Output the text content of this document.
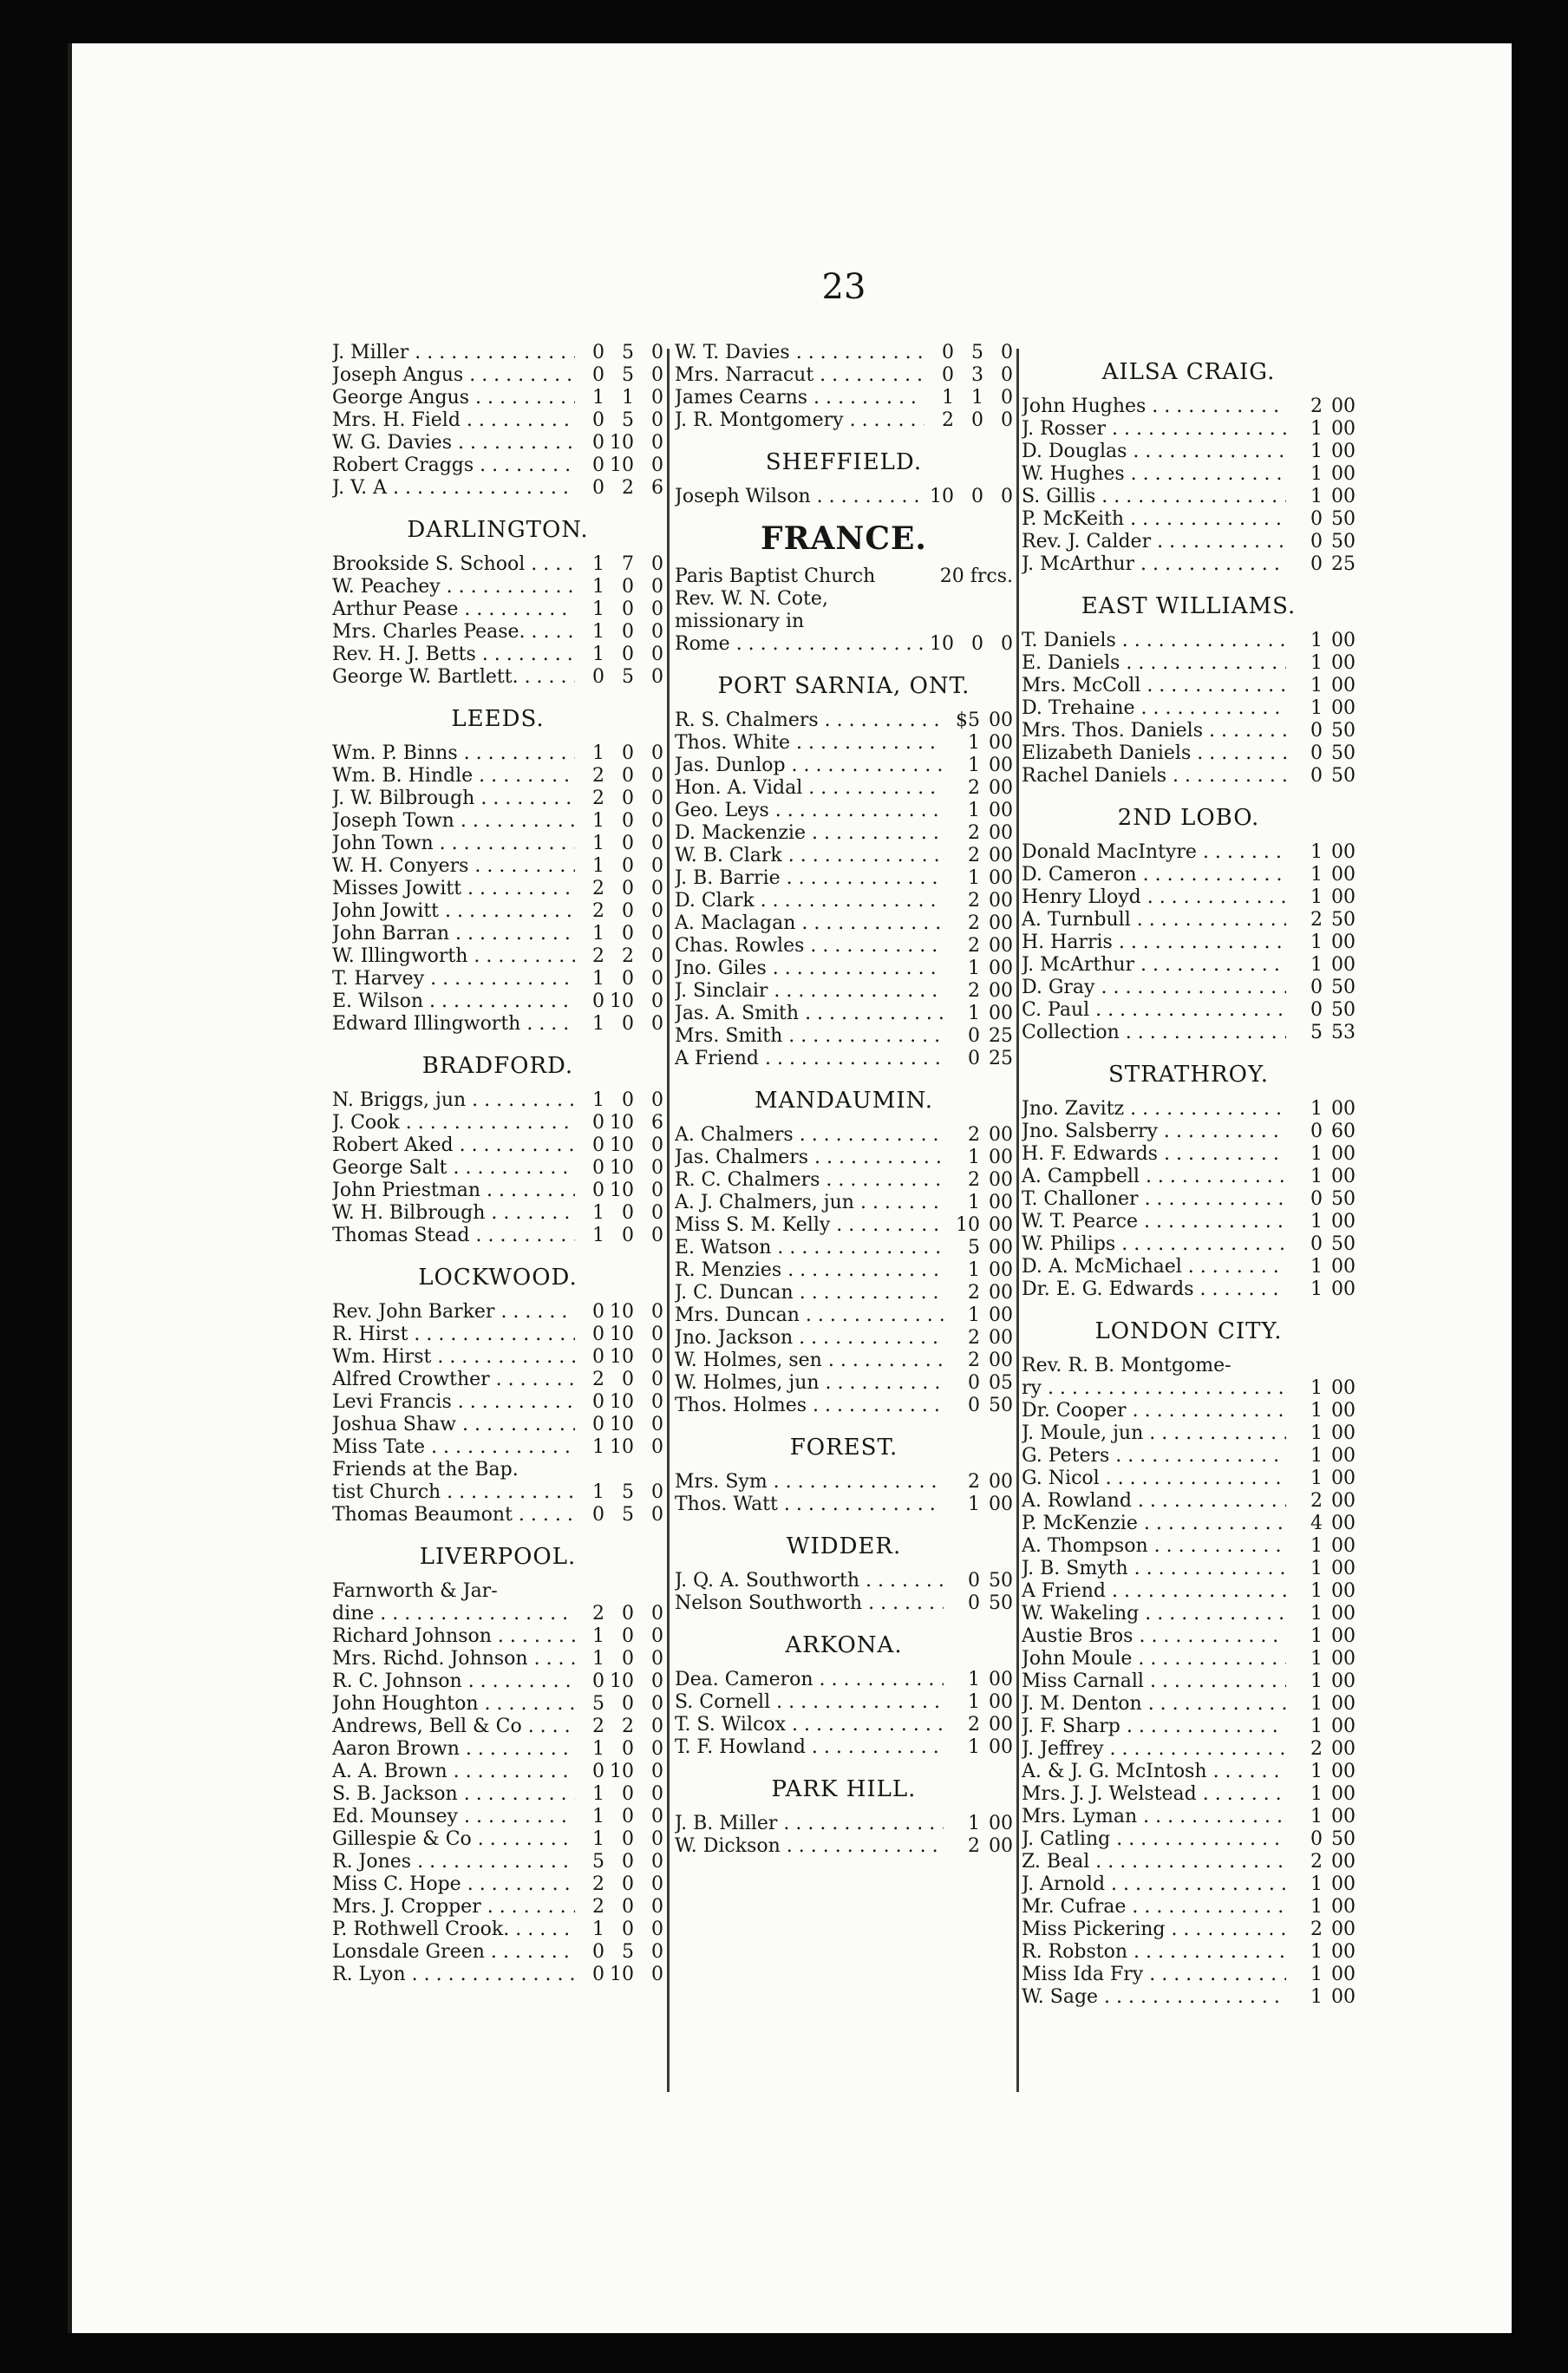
23
J. Miller . . .	0 5 0
Joseph Angus . . .	0 5 0
George Angus . . .	1 1 0
Mrs. H. Field . . .	0 5 0
W. G. Davies . . .	0 10 0
Robert Craggs . . .	0 10 0
J. V. A . . .	0 2 6
DARLINGTON.
Brookside S. School . . .	1 7 0
W. Peachey . . .	1 0 0
Arthur Pease . . .	1 0 0
Mrs. Charles Pease. . . .	1 0 0
Rev. H. J. Betts . . .	1 0 0
George W. Bartlett. . . .	0 5 0
LEEDS.
Wm. P. Binns . . .	1 0 0
Wm. B. Hindle . . .	2 0 0
J. W. Bilbrough . . .	2 0 0
Joseph Town . . .	1 0 0
John Town . . .	1 0 0
W. H. Conyers . . .	1 0 0
Misses Jowitt . . .	2 0 0
John Jowitt . . .	2 0 0
John Barran . . .	1 0 0
W. Illingworth . . .	2 2 0
T. Harvey . . .	1 0 0
E. Wilson . . .	0 10 0
Edward Illingworth . . .	1 0 0
BRADFORD.
N. Briggs, jun . . .	1 0 0
J. Cook . . .	0 10 6
Robert Aked . . .	0 10 0
George Salt . . .	0 10 0
John Priestman . . .	0 10 0
W. H. Bilbrough . . .	1 0 0
Thomas Stead . . .	1 0 0
LOCKWOOD.
Rev. John Barker . . .	0 10 0
R. Hirst . . .	0 10 0
Wm. Hirst . . .	0 10 0
Alfred Crowther . . .	2 0 0
Levi Francis . . .	0 10 0
Joshua Shaw . . .	0 10 0
Miss Tate . . .	1 10 0
Friends at the Bap.
tist Church . . .	1 5 0
Thomas Beaumont . . .	0 5 0
LIVERPOOL.
Farnworth & Jar-
dine . . .	2 0 0
Richard Johnson . . .	1 0 0
Mrs. Richd. Johnson . . .	1 0 0
R. C. Johnson . . .	0 10 0
John Houghton . . .	5 0 0
Andrews, Bell & Co . . .	2 2 0
Aaron Brown . . .	1 0 0
A. A. Brown . . .	0 10 0
S. B. Jackson . . .	1 0 0
Ed. Mounsey . . .	1 0 0
Gillespie & Co . . .	1 0 0
R. Jones . . .	5 0 0
Miss C. Hope . . .	2 0 0
Mrs. J. Cropper . . .	2 0 0
P. Rothwell Crook. . . .	1 0 0
Lonsdale Green . . .	0 5 0
R. Lyon . . .	0 10 0
W. T. Davies . . .	0 5 0
Mrs. Narracut . . .	0 3 0
James Cearns . . .	1 1 0
J. R. Montgomery . . .	2 0 0
SHEFFIELD.
Joseph Wilson . . .	10 0 0
FRANCE.
Paris Baptist Church	20 frcs.
Rev. W. N. Cote,
missionary in
Rome . . .	10 0 0
PORT SARNIA, ONT.
R. S. Chalmers . . .	$5 00
Thos. White . . .	1 00
Jas. Dunlop . . .	1 00
Hon. A. Vidal . . .	2 00
Geo. Leys . . .	1 00
D. Mackenzie . . .	2 00
W. B. Clark . . .	2 00
J. B. Barrie . . .	1 00
D. Clark . . .	2 00
A. Maclagan . . .	2 00
Chas. Rowles . . .	2 00
Jno. Giles . . .	1 00
J. Sinclair . . .	2 00
Jas. A. Smith . . .	1 00
Mrs. Smith . . .	0 25
A Friend . . .	0 25
MANDAUMIN.
A. Chalmers . . .	2 00
Jas. Chalmers . . .	1 00
R. C. Chalmers . . .	2 00
A. J. Chalmers, jun . . .	1 00
Miss S. M. Kelly . . .	10 00
E. Watson . . .	5 00
R. Menzies . . .	1 00
J. C. Duncan . . .	2 00
Mrs. Duncan . . .	1 00
Jno. Jackson . . .	2 00
W. Holmes, sen . . .	2 00
W. Holmes, jun . . .	0 05
Thos. Holmes . . .	0 50
FOREST.
Mrs. Sym . . .	2 00
Thos. Watt . . .	1 00
WIDDER.
J. Q. A. Southworth . . .	0 50
Nelson Southworth . . .	0 50
ARKONA.
Dea. Cameron . . .	1 00
S. Cornell . . .	1 00
T. S. Wilcox . . .	2 00
T. F. Howland . . .	1 00
PARK HILL.
J. B. Miller . . .	1 00
W. Dickson . . .	2 00
AILSA CRAIG.
John Hughes . . .	2 00
J. Rosser . . .	1 00
D. Douglas . . .	1 00
W. Hughes . . .	1 00
S. Gillis . . .	1 00
P. McKeith . . .	0 50
Rev. J. Calder . . .	0 50
J. McArthur . . .	0 25
EAST WILLIAMS.
T. Daniels . . .	1 00
E. Daniels . . .	1 00
Mrs. McColl . . .	1 00
D. Trehaine . . .	1 00
Mrs. Thos. Daniels . . .	0 50
Elizabeth Daniels . . .	0 50
Rachel Daniels . . .	0 50
2ND LOBO.
Donald MacIntyre . . .	1 00
D. Cameron . . .	1 00
Henry Lloyd . . .	1 00
A. Turnbull . . .	2 50
H. Harris . . .	1 00
J. McArthur . . .	1 00
D. Gray . . .	0 50
C. Paul . . .	0 50
Collection . . .	5 53
STRATHROY.
Jno. Zavitz . . .	1 00
Jno. Salsberry . . .	0 60
H. F. Edwards . . .	1 00
A. Campbell . . .	1 00
T. Challoner . . .	0 50
W. T. Pearce . . .	1 00
W. Philips . . .	0 50
D. A. McMichael . . .	1 00
Dr. E. G. Edwards . . .	1 00
LONDON CITY.
Rev. R. B. Montgome-
ry . . .	1 00
Dr. Cooper . . .	1 00
J. Moule, jun . . .	1 00
G. Peters . . .	1 00
G. Nicol . . .	1 00
A. Rowland . . .	2 00
P. McKenzie . . .	4 00
A. Thompson . . .	1 00
J. B. Smyth . . .	1 00
A Friend . . .	1 00
W. Wakeling . . .	1 00
Austie Bros . . .	1 00
John Moule . . .	1 00
Miss Carnall . . .	1 00
J. M. Denton . . .	1 00
J. F. Sharp . . .	1 00
J. Jeffrey . . .	2 00
A. & J. G. McIntosh . . .	1 00
Mrs. J. J. Welstead . . .	1 00
Mrs. Lyman . . .	1 00
J. Catling . . .	0 50
Z. Beal . . .	2 00
J. Arnold . . .	1 00
Mr. Cufrae . . .	1 00
Miss Pickering . . .	2 00
R. Robston . . .	1 00
Miss Ida Fry . . .	1 00
W. Sage . . .	1 00
